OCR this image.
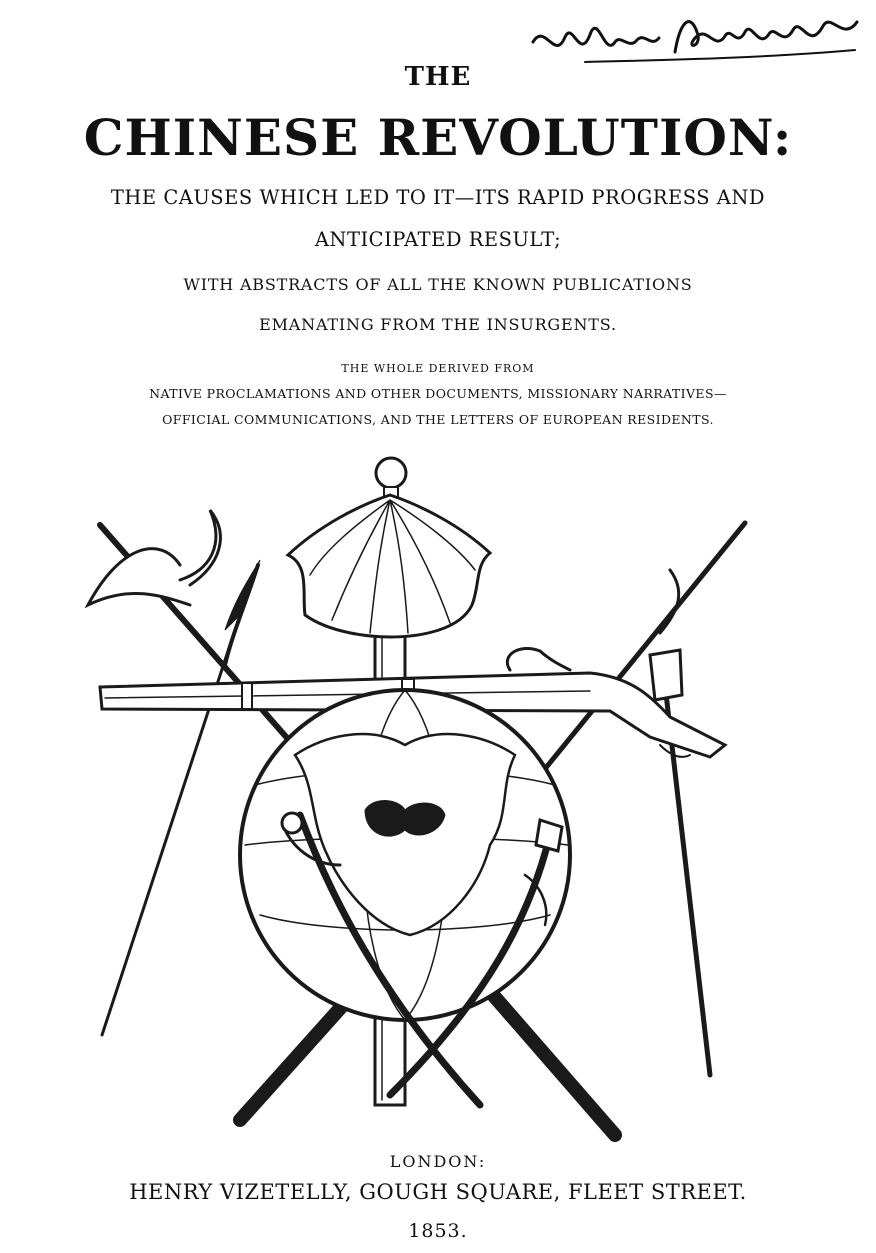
THE
CHINESE REVOLUTION:
THE CAUSES WHICH LED TO IT—ITS RAPID PROGRESS AND
ANTICIPATED RESULT;
WITH ABSTRACTS OF ALL THE KNOWN PUBLICATIONS
EMANATING FROM THE INSURGENTS.
THE WHOLE DERIVED FROM
NATIVE PROCLAMATIONS AND OTHER DOCUMENTS, MISSIONARY NARRATIVES—
OFFICIAL COMMUNICATIONS, AND THE LETTERS OF EUROPEAN RESIDENTS.
LONDON:
HENRY VIZETELLY, GOUGH SQUARE, FLEET STREET.
1853.
